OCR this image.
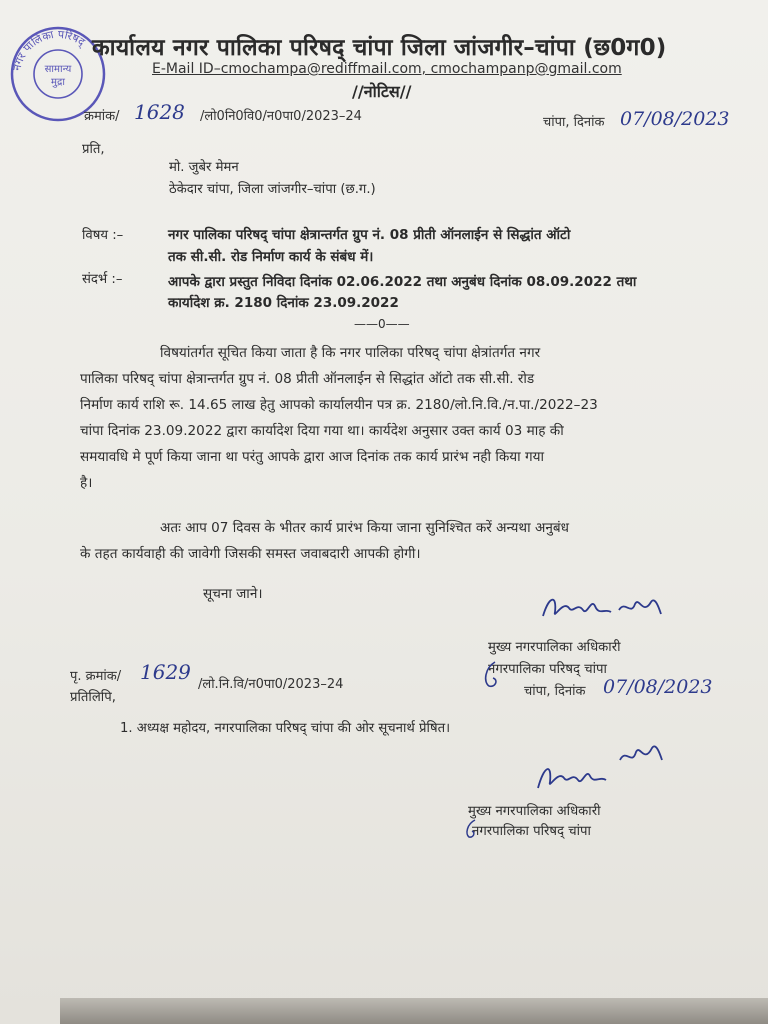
नगर पालिका परिषद्
सामान्य
मुद्रा
कार्यालय नगर पालिका परिषद् चांपा जिला जांजगीर–चांपा (छ0ग0)
E-Mail ID–cmochampa@rediffmail.com, cmochampanp@gmail.com
//नोटिस//
क्रमांक/ 1628 /लो0नि0वि0/न0पा0/2023–24	चांपा, दिनांक 07/08/2023
प्रति,
मो. जुबेर मेमन
ठेकेदार चांपा, जिला जांजगीर–चांपा (छ.ग.)
विषय :–	नगर पालिका परिषद् चांपा क्षेत्रान्तर्गत ग्रुप नं. 08 प्रीती ऑनलाईन से सिद्धांत ऑटो
तक सी.सी. रोड निर्माण कार्य के संबंध में।
संदर्भ :–	आपके द्वारा प्रस्तुत निविदा दिनांक 02.06.2022 तथा अनुबंध दिनांक 08.09.2022 तथा
कार्यादेश क्र. 2180 दिनांक 23.09.2022
——0——
विषयांतर्गत सूचित किया जाता है कि नगर पालिका परिषद् चांपा क्षेत्रांतर्गत नगर
पालिका परिषद् चांपा क्षेत्रान्तर्गत ग्रुप नं. 08 प्रीती ऑनलाईन से सिद्धांत ऑटो तक सी.सी. रोड
निर्माण कार्य राशि रू. 14.65 लाख हेतु आपको कार्यालयीन पत्र क्र. 2180/लो.नि.वि./न.पा./2022–23
चांपा दिनांक 23.09.2022 द्वारा कार्यादेश दिया गया था। कार्यदेश अनुसार उक्त कार्य 03 माह की
समयावधि मे पूर्ण किया जाना था परंतु आपके द्वारा आज दिनांक तक कार्य प्रारंभ नही किया गया
है।
अतः आप 07 दिवस के भीतर कार्य प्रारंभ किया जाना सुनिश्चित करें अन्यथा अनुबंध
के तहत कार्यवाही की जावेगी जिसकी समस्त जवाबदारी आपकी होगी।
सूचना जाने।
मुख्य नगरपालिका अधिकारी
नगरपालिका परिषद् चांपा
पृ. क्रमांक/ 1629
/लो.नि.वि/न0पा0/2023–24
प्रतिलिपि,	चांपा, दिनांक 07/08/2023
1. अध्यक्ष महोदय, नगरपालिका परिषद् चांपा की ओर सूचनार्थ प्रेषित।
मुख्य नगरपालिका अधिकारी
नगरपालिका परिषद् चांपा
